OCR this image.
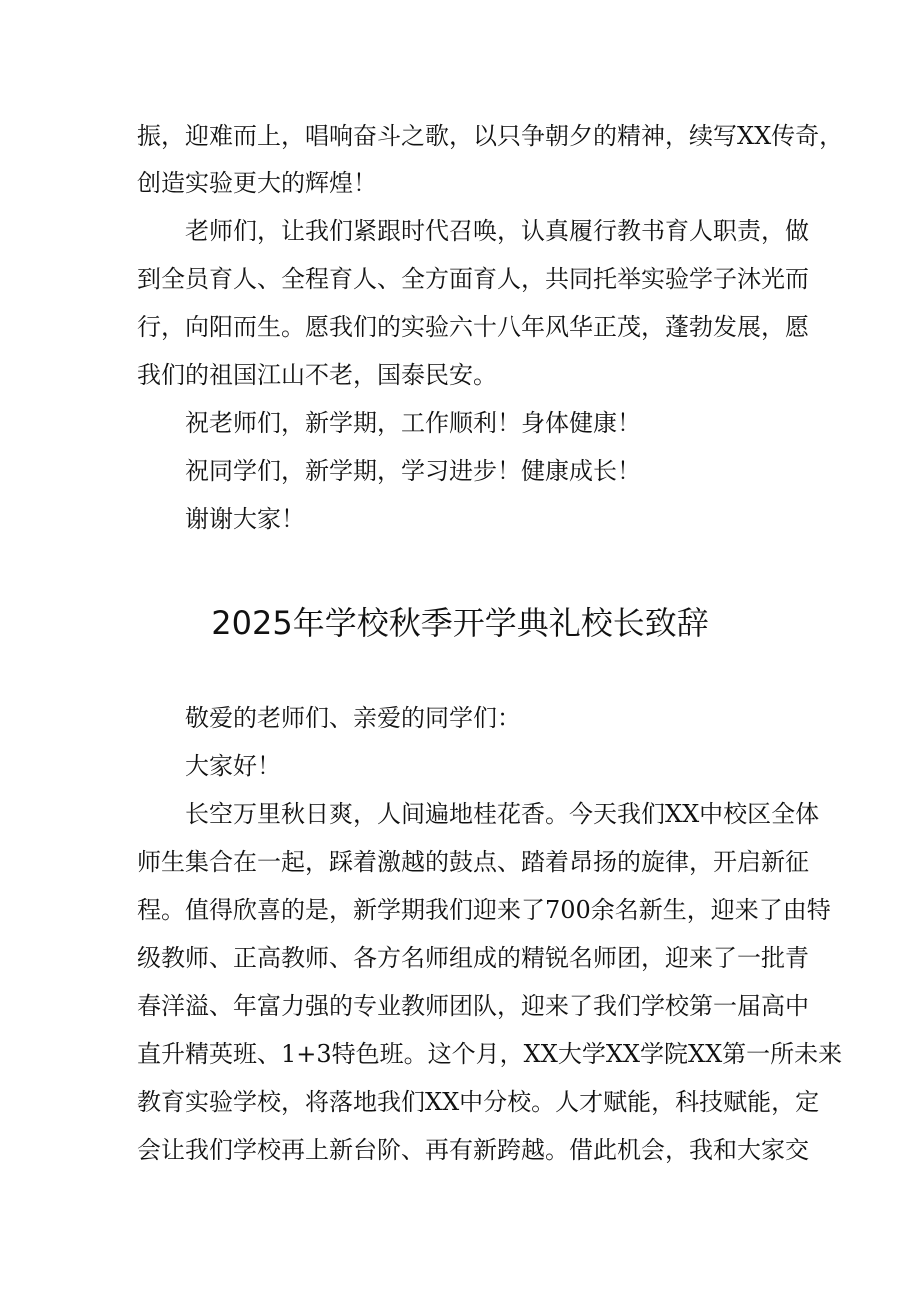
振，迎难而上，唱响奋斗之歌，以只争朝夕的精神，续写XX传奇，
创造实验更大的辉煌！
老师们，让我们紧跟时代召唤，认真履行教书育人职责，做
到全员育人、全程育人、全方面育人，共同托举实验学子沐光而
行，向阳而生。愿我们的实验六十八年风华正茂，蓬勃发展，愿
我们的祖国江山不老，国泰民安。
祝老师们，新学期，工作顺利！身体健康！
祝同学们，新学期，学习进步！健康成长！
谢谢大家！
2025年学校秋季开学典礼校长致辞
敬爱的老师们、亲爱的同学们：
大家好！
长空万里秋日爽，人间遍地桂花香。今天我们XX中校区全体
师生集合在一起，踩着激越的鼓点、踏着昂扬的旋律，开启新征
程。值得欣喜的是，新学期我们迎来了700余名新生，迎来了由特
级教师、正高教师、各方名师组成的精锐名师团，迎来了一批青
春洋溢、年富力强的专业教师团队，迎来了我们学校第一届高中
直升精英班、1+3特色班。这个月，XX大学XX学院XX第一所未来
教育实验学校，将落地我们XX中分校。人才赋能，科技赋能，定
会让我们学校再上新台阶、再有新跨越。借此机会，我和大家交
